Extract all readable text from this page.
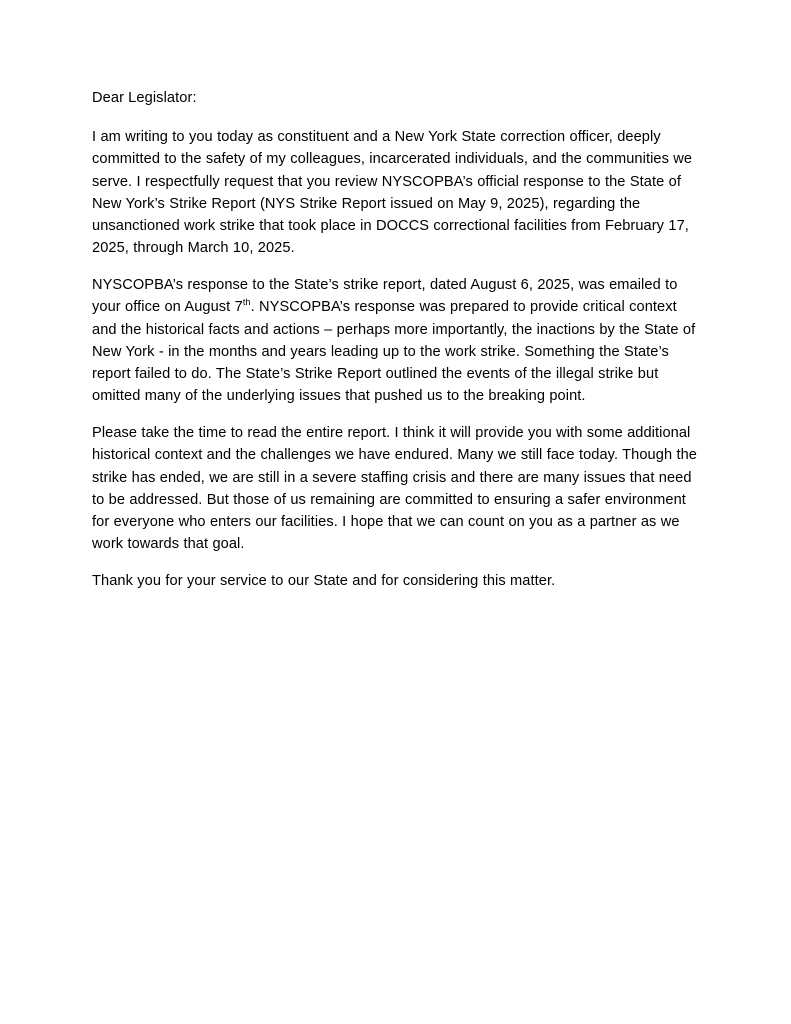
Dear Legislator:

I am writing to you today as constituent and a New York State correction officer, deeply committed to the safety of my colleagues, incarcerated individuals, and the communities we serve. I respectfully request that you review NYSCOPBA’s official response to the State of New York’s Strike Report (NYS Strike Report issued on May 9, 2025), regarding the unsanctioned work strike that took place in DOCCS correctional facilities from February 17, 2025, through March 10, 2025.

NYSCOPBA’s response to the State’s strike report, dated August 6, 2025, was emailed to your office on August 7th. NYSCOPBA’s response was prepared to provide critical context and the historical facts and actions – perhaps more importantly, the inactions by the State of New York - in the months and years leading up to the work strike. Something the State’s report failed to do. The State’s Strike Report outlined the events of the illegal strike but omitted many of the underlying issues that pushed us to the breaking point.

Please take the time to read the entire report. I think it will provide you with some additional historical context and the challenges we have endured. Many we still face today. Though the strike has ended, we are still in a severe staffing crisis and there are many issues that need to be addressed. But those of us remaining are committed to ensuring a safer environment for everyone who enters our facilities. I hope that we can count on you as a partner as we work towards that goal.

Thank you for your service to our State and for considering this matter.
